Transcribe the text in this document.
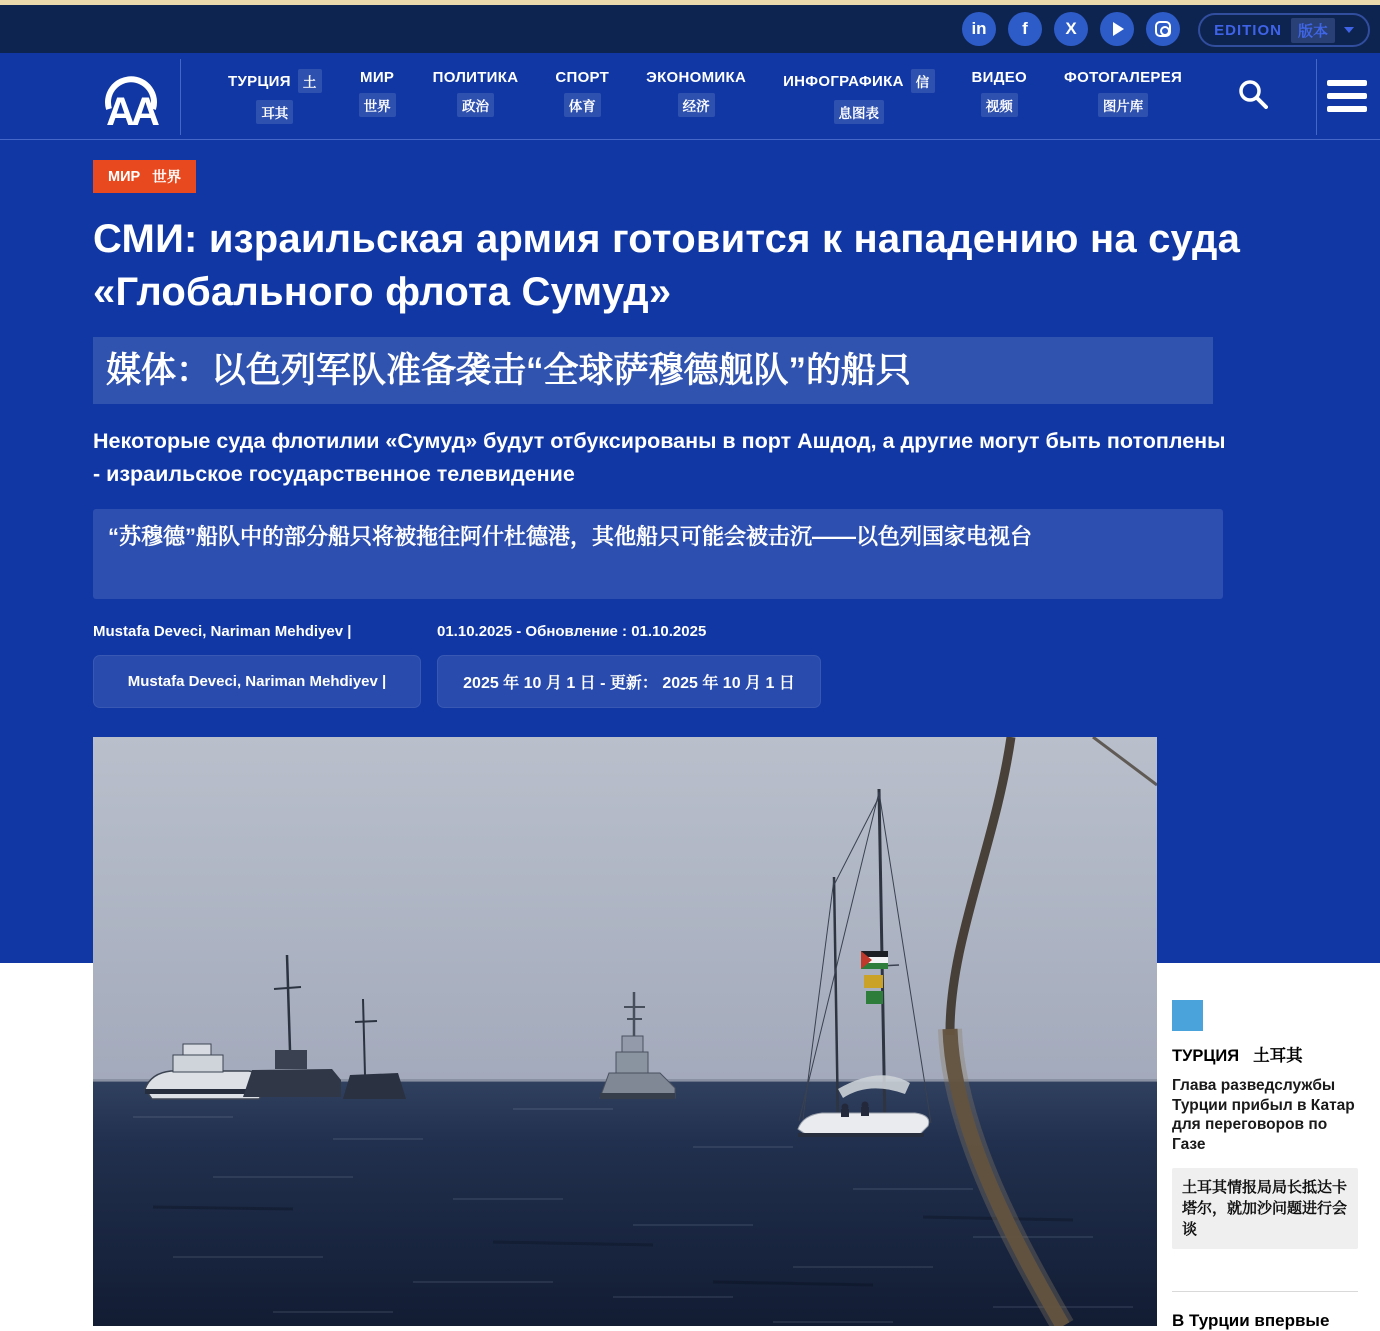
in f X	EDITION	版本
AA
ТУРЦИЯ 土
耳其
МИР
世界
ПОЛИТИКА
政治
СПОРТ
体育
ЭКОНОМИКА
经济
ИНФОГРАФИКА 信
息图表
ВИДЕО
视频
ФОТОГАЛЕРЕЯ
图片库
МИР 世界
СМИ: израильская армия готовится к нападению на суда «Глобального флота Сумуд»
媒体：以色列军队准备袭击“全球萨穆德舰队”的船只

Некоторые суда флотилии «Сумуд» будут отбуксированы в порт Ашдод, а другие могут быть потоплены - израильское государственное телевидение

“苏穆德”船队中的部分船只将被拖往阿什杜德港，其他船只可能会被击沉——以色列国家电视台
Mustafa Deveci, Nariman Mehdiyev |	01.10.2025 - Обновление : 01.10.2025
Mustafa Deveci, Nariman Mehdiyev |	2025 年 10 月 1 日 - 更新： 2025 年 10 月 1 日
ТУРЦИЯ 土耳其
Глава разведслужбы Турции прибыл в Катар для переговоров по Газе
土耳其情报局局长抵达卡塔尔，就加沙问题进行会谈
В Турции впервые
